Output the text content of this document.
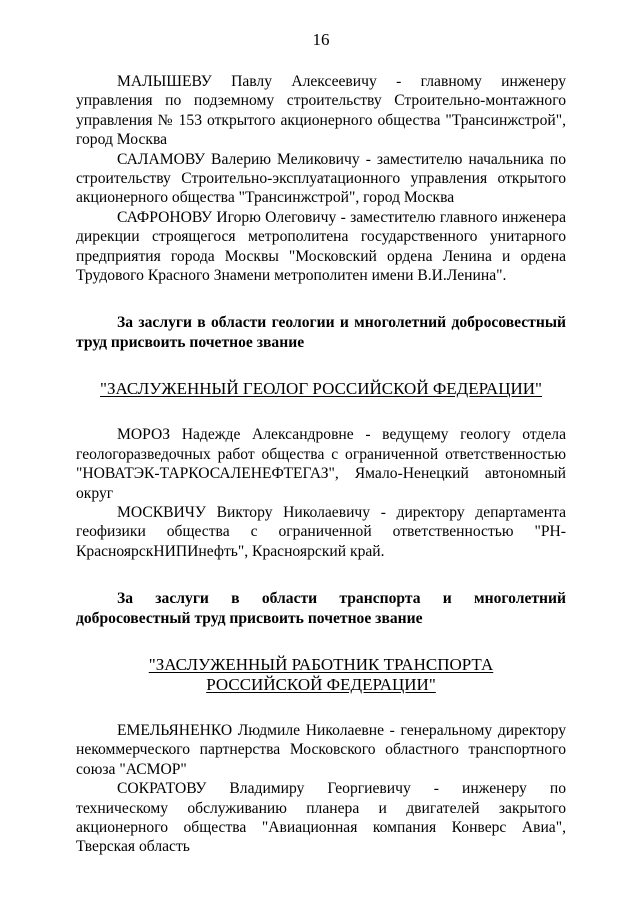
16

МАЛЫШЕВУ Павлу Алексеевичу - главному инженеру управления по подземному строительству Строительно-монтажного управления № 153 открытого акционерного общества "Трансинжстрой", город Москва

САЛАМОВУ Валерию Меликовичу - заместителю начальника по строительству Строительно-эксплуатационного управления открытого акционерного общества "Трансинжстрой", город Москва

САФРОНОВУ Игорю Олеговичу - заместителю главного инженера дирекции строящегося метрополитена государственного унитарного предприятия города Москвы "Московский ордена Ленина и ордена Трудового Красного Знамени метрополитен имени В.И.Ленина".

За заслуги в области геологии и многолетний добросовестный труд присвоить почетное звание

"ЗАСЛУЖЕННЫЙ ГЕОЛОГ РОССИЙСКОЙ ФЕДЕРАЦИИ"

МОРОЗ Надежде Александровне - ведущему геологу отдела геологоразведочных работ общества с ограниченной ответственностью "НОВАТЭК-ТАРКОСАЛЕНЕФТЕГАЗ", Ямало-Ненецкий автономный округ

МОСКВИЧУ Виктору Николаевичу - директору департамента геофизики общества с ограниченной ответственностью "РН-КрасноярскНИПИнефть", Красноярский край.

За заслуги в области транспорта и многолетний добросовестный труд присвоить почетное звание

"ЗАСЛУЖЕННЫЙ РАБОТНИК ТРАНСПОРТА
РОССИЙСКОЙ ФЕДЕРАЦИИ"

ЕМЕЛЬЯНЕНКО Людмиле Николаевне - генеральному директору некоммерческого партнерства Московского областного транспортного союза "АСМОР"

СОКРАТОВУ Владимиру Георгиевичу - инженеру по техническому обслуживанию планера и двигателей закрытого акционерного общества "Авиационная компания Конверс Авиа", Тверская область
